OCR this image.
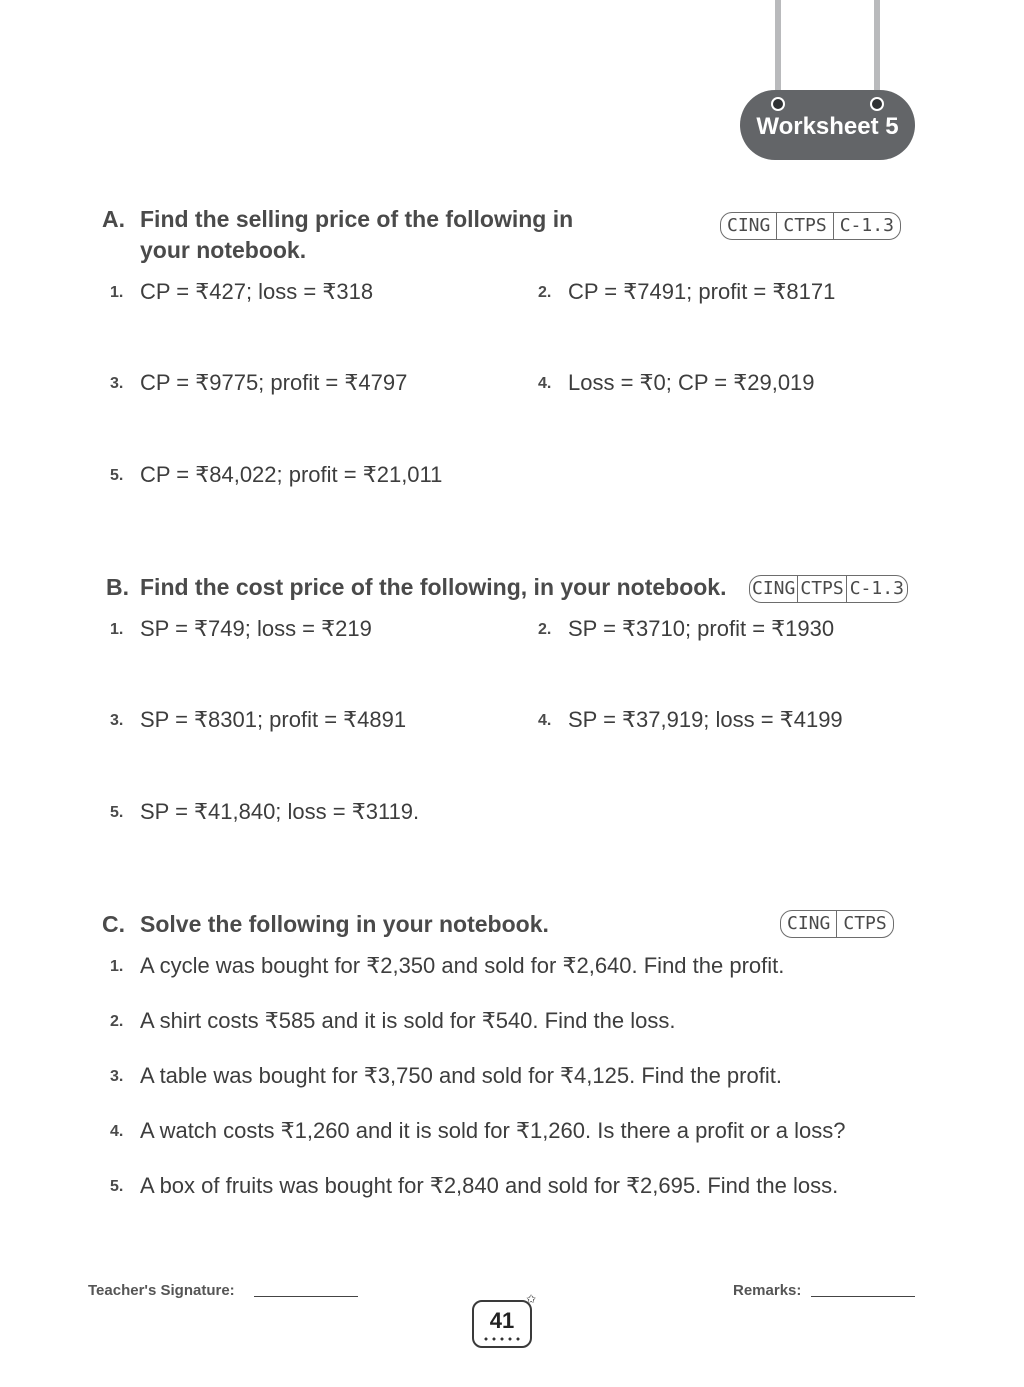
Worksheet 5
A. Find the selling price of the following in
your notebook.
CING CTPS C-1.3
1. CP = ₹427; loss = ₹318	2. CP = ₹7491; profit = ₹8171
3. CP = ₹9775; profit = ₹4797	4. Loss = ₹0; CP = ₹29,019
5. CP = ₹84,022; profit = ₹21,011
B. Find the cost price of the following, in your notebook. CING CTPS C-1.3
1. SP = ₹749; loss = ₹219	2. SP = ₹3710; profit = ₹1930
3. SP = ₹8301; profit = ₹4891	4. SP = ₹37,919; loss = ₹4199
5. SP = ₹41,840; loss = ₹3119.
C. Solve the following in your notebook.	CING CTPS
1. A cycle was bought for ₹2,350 and sold for ₹2,640. Find the profit.
2. A shirt costs ₹585 and it is sold for ₹540. Find the loss.
3. A table was bought for ₹3,750 and sold for ₹4,125. Find the profit.
4. A watch costs ₹1,260 and it is sold for ₹1,260. Is there a profit or a loss?
5. A box of fruits was bought for ₹2,840 and sold for ₹2,695. Find the loss.
Teacher's Signature:	Remarks:
41
✩
